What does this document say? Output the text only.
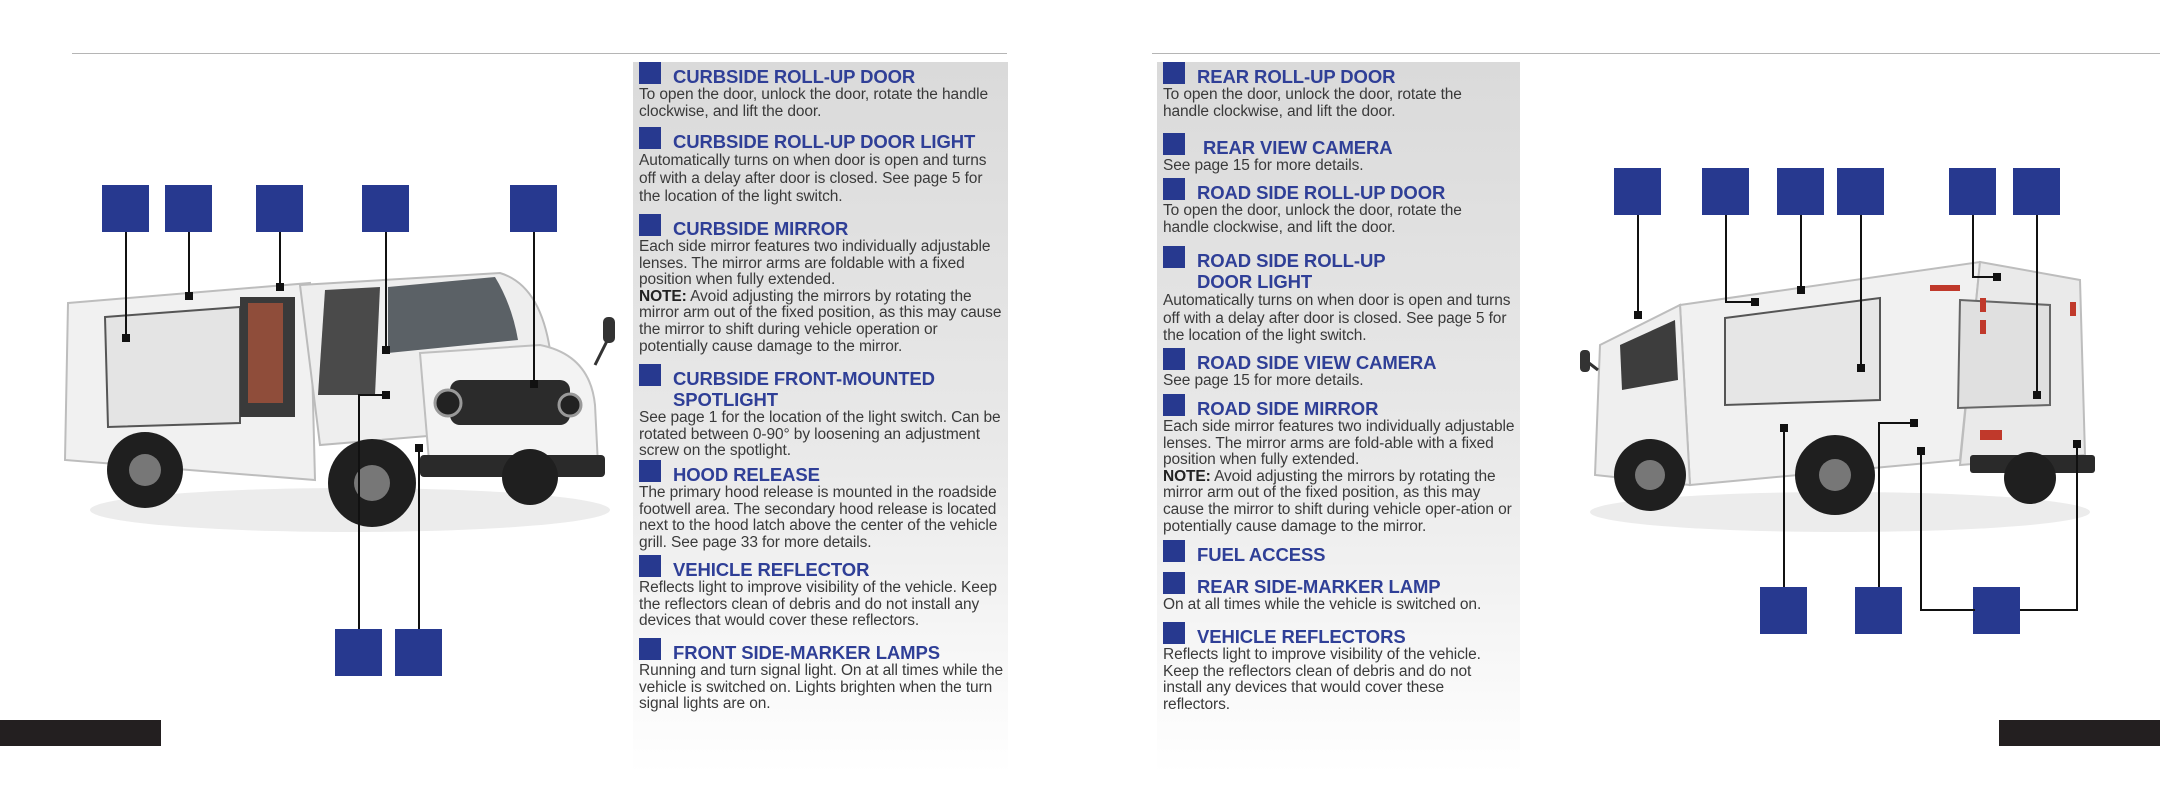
CURBSIDE ROLL-UP DOOR
To open the door, unlock the door, rotate the handle clockwise, and lift the door.
CURBSIDE ROLL-UP DOOR LIGHT
Automatically turns on when door is open and turns off with a delay after door is closed. See page 5 for the location of the light switch.
CURBSIDE MIRROR
Each side mirror features two individually adjustable lenses. The mirror arms are foldable with a fixed position when fully extended.
NOTE: Avoid adjusting the mirrors by rotating the mirror arm out of the fixed position, as this may cause the mirror to shift during vehicle operation or potentially cause damage to the mirror.
CURBSIDE FRONT-MOUNTED SPOTLIGHT
See page 1 for the location of the light switch. Can be rotated between 0-90° by loosening an adjustment screw on the spotlight.
HOOD RELEASE
The primary hood release is mounted in the roadside footwell area. The secondary hood release is located next to the hood latch above the center of the vehicle grill. See page 33 for more details.
VEHICLE REFLECTOR
Reflects light to improve visibility of the vehicle. Keep the reflectors clean of debris and do not install any devices that would cover these reflectors.
FRONT SIDE-MARKER LAMPS
Running and turn signal light. On at all times while the vehicle is switched on. Lights brighten when the turn signal lights are on.
REAR ROLL-UP DOOR
To open the door, unlock the door, rotate the handle clockwise, and lift the door.
REAR VIEW CAMERA
See page 15 for more details.
ROAD SIDE ROLL-UP DOOR
To open the door, unlock the door, rotate the handle clockwise, and lift the door.
ROAD SIDE ROLL-UP DOOR LIGHT
Automatically turns on when door is open and turns off with a delay after door is closed. See page 5 for the location of the light switch.
ROAD SIDE VIEW CAMERA
See page 15 for more details.
ROAD SIDE MIRROR
Each side mirror features two individually adjustable lenses. The mirror arms are fold-able with a fixed position when fully extended.
NOTE: Avoid adjusting the mirrors by rotating the mirror arm out of the fixed position, as this may cause the mirror to shift during vehicle oper-ation or potentially cause damage to the mirror.
FUEL ACCESS
REAR SIDE-MARKER LAMP
On at all times while the vehicle is switched on.
VEHICLE REFLECTORS
Reflects light to improve visibility of the vehicle. Keep the reflectors clean of debris and do not install any devices that would cover these reflectors.
